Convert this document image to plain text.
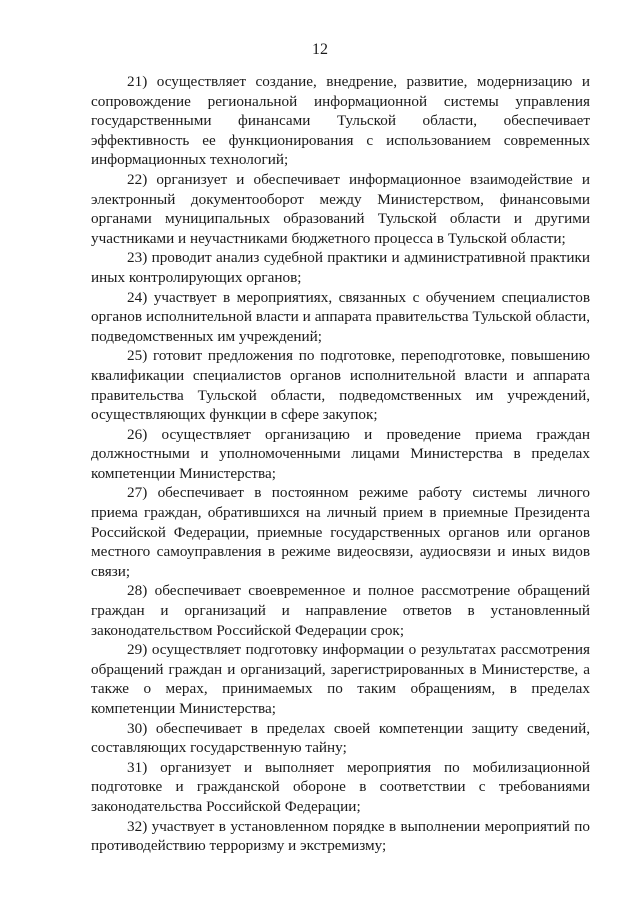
12

21) осуществляет создание, внедрение, развитие, модернизацию и сопровождение региональной информационной системы управления государственными финансами Тульской области, обеспечивает эффективность ее функционирования с использованием современных информационных технологий;

22) организует и обеспечивает информационное взаимодействие и электронный документооборот между Министерством, финансовыми органами муниципальных образований Тульской области и другими участниками и неучастниками бюджетного процесса в Тульской области;

23) проводит анализ судебной практики и административной практики иных контролирующих органов;

24) участвует в мероприятиях, связанных с обучением специалистов органов исполнительной власти и аппарата правительства Тульской области, подведомственных им учреждений;

25) готовит предложения по подготовке, переподготовке, повышению квалификации специалистов органов исполнительной власти и аппарата правительства Тульской области, подведомственных им учреждений, осуществляющих функции в сфере закупок;

26) осуществляет организацию и проведение приема граждан должностными и уполномоченными лицами Министерства в пределах компетенции Министерства;

27) обеспечивает в постоянном режиме работу системы личного приема граждан, обратившихся на личный прием в приемные Президента Российской Федерации, приемные государственных органов или органов местного самоуправления в режиме видеосвязи, аудиосвязи и иных видов связи;

28) обеспечивает своевременное и полное рассмотрение обращений граждан и организаций и направление ответов в установленный законодательством Российской Федерации срок;

29) осуществляет подготовку информации о результатах рассмотрения обращений граждан и организаций, зарегистрированных в Министерстве, а также о мерах, принимаемых по таким обращениям, в пределах компетенции Министерства;

30) обеспечивает в пределах своей компетенции защиту сведений, составляющих государственную тайну;

31) организует и выполняет мероприятия по мобилизационной подготовке и гражданской обороне в соответствии с требованиями законодательства Российской Федерации;

32) участвует в установленном порядке в выполнении мероприятий по противодействию терроризму и экстремизму;
